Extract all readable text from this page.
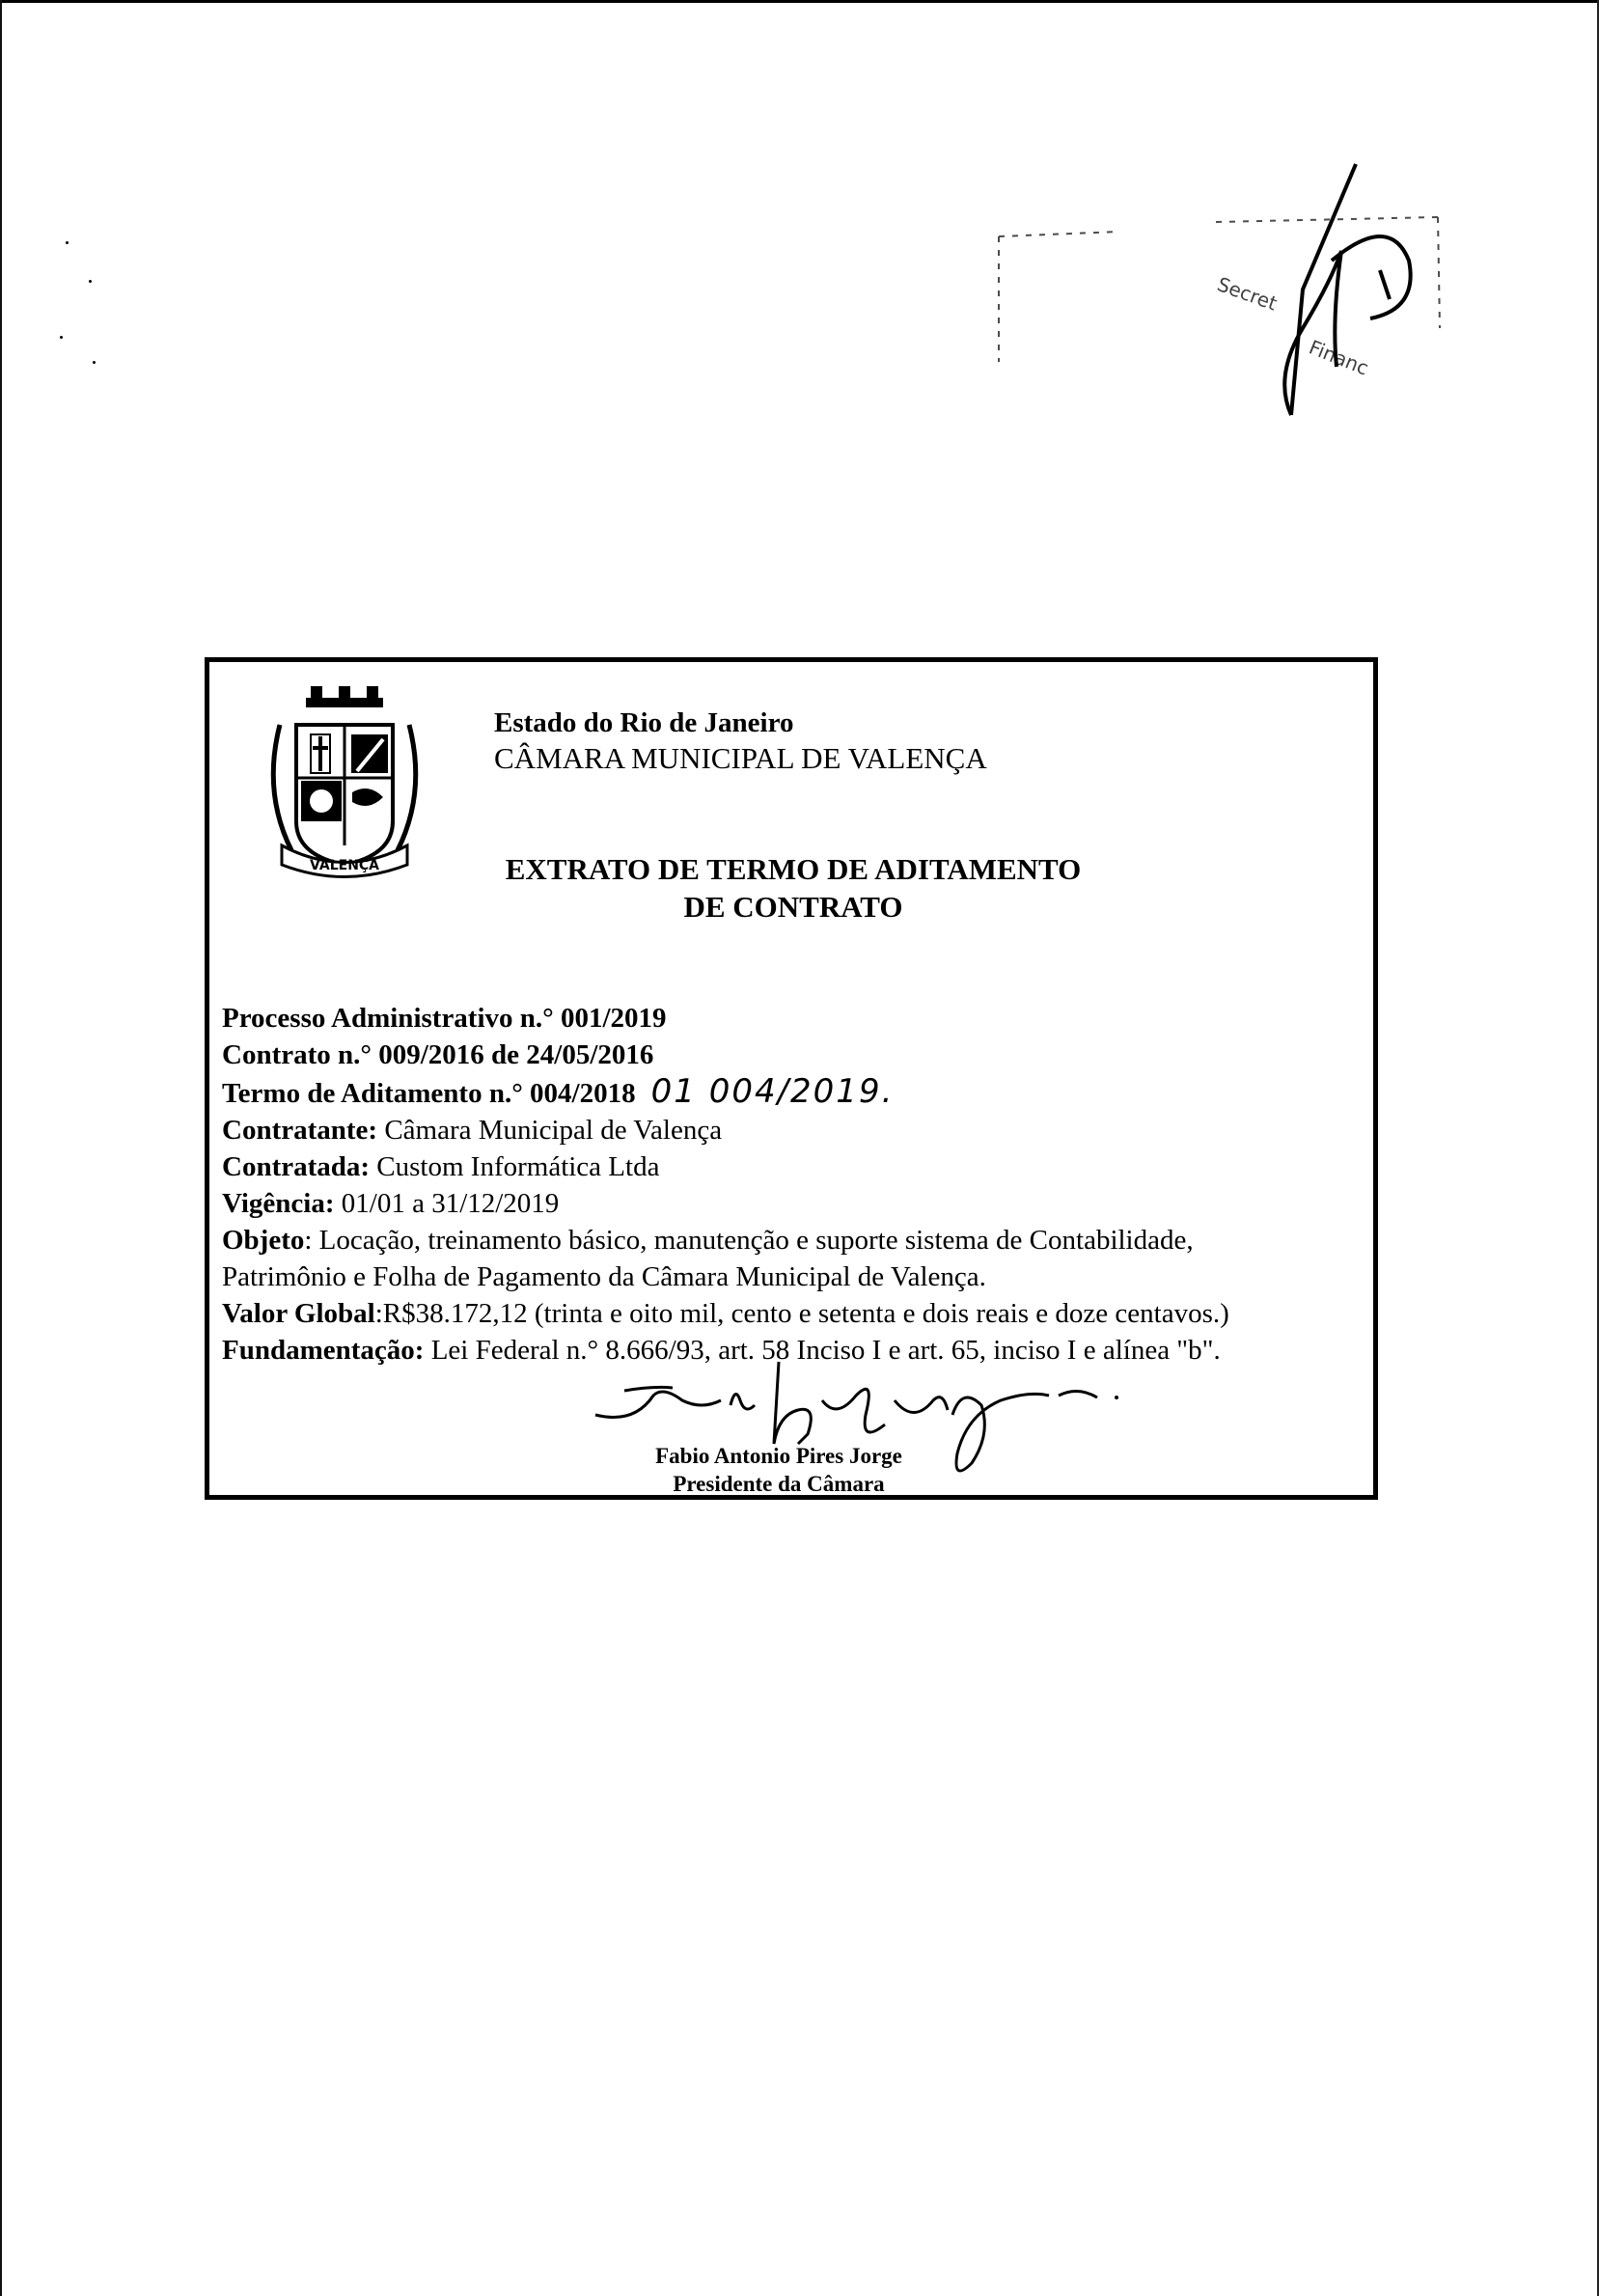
Secret
Financ
VALENÇA
Estado do Rio de Janeiro
CÂMARA MUNICIPAL DE VALENÇA
EXTRATO DE TERMO DE ADITAMENTO
DE CONTRATO
Processo Administrativo n.° 001/2019
Contrato n.° 009/2016 de 24/05/2016
Termo de Aditamento n.° 004/2018 01 004/2019.
Contratante: Câmara Municipal de Valença
Contratada: Custom Informática Ltda
Vigência: 01/01 a 31/12/2019
Objeto: Locação, treinamento básico, manutenção e suporte sistema de Contabilidade,
Patrimônio e Folha de Pagamento da Câmara Municipal de Valença.
Valor Global:R$38.172,12 (trinta e oito mil, cento e setenta e dois reais e doze centavos.)
Fundamentação: Lei Federal n.° 8.666/93, art. 58 Inciso I e art. 65, inciso I e alínea "b".
Fabio Antonio Pires Jorge
Presidente da Câmara
